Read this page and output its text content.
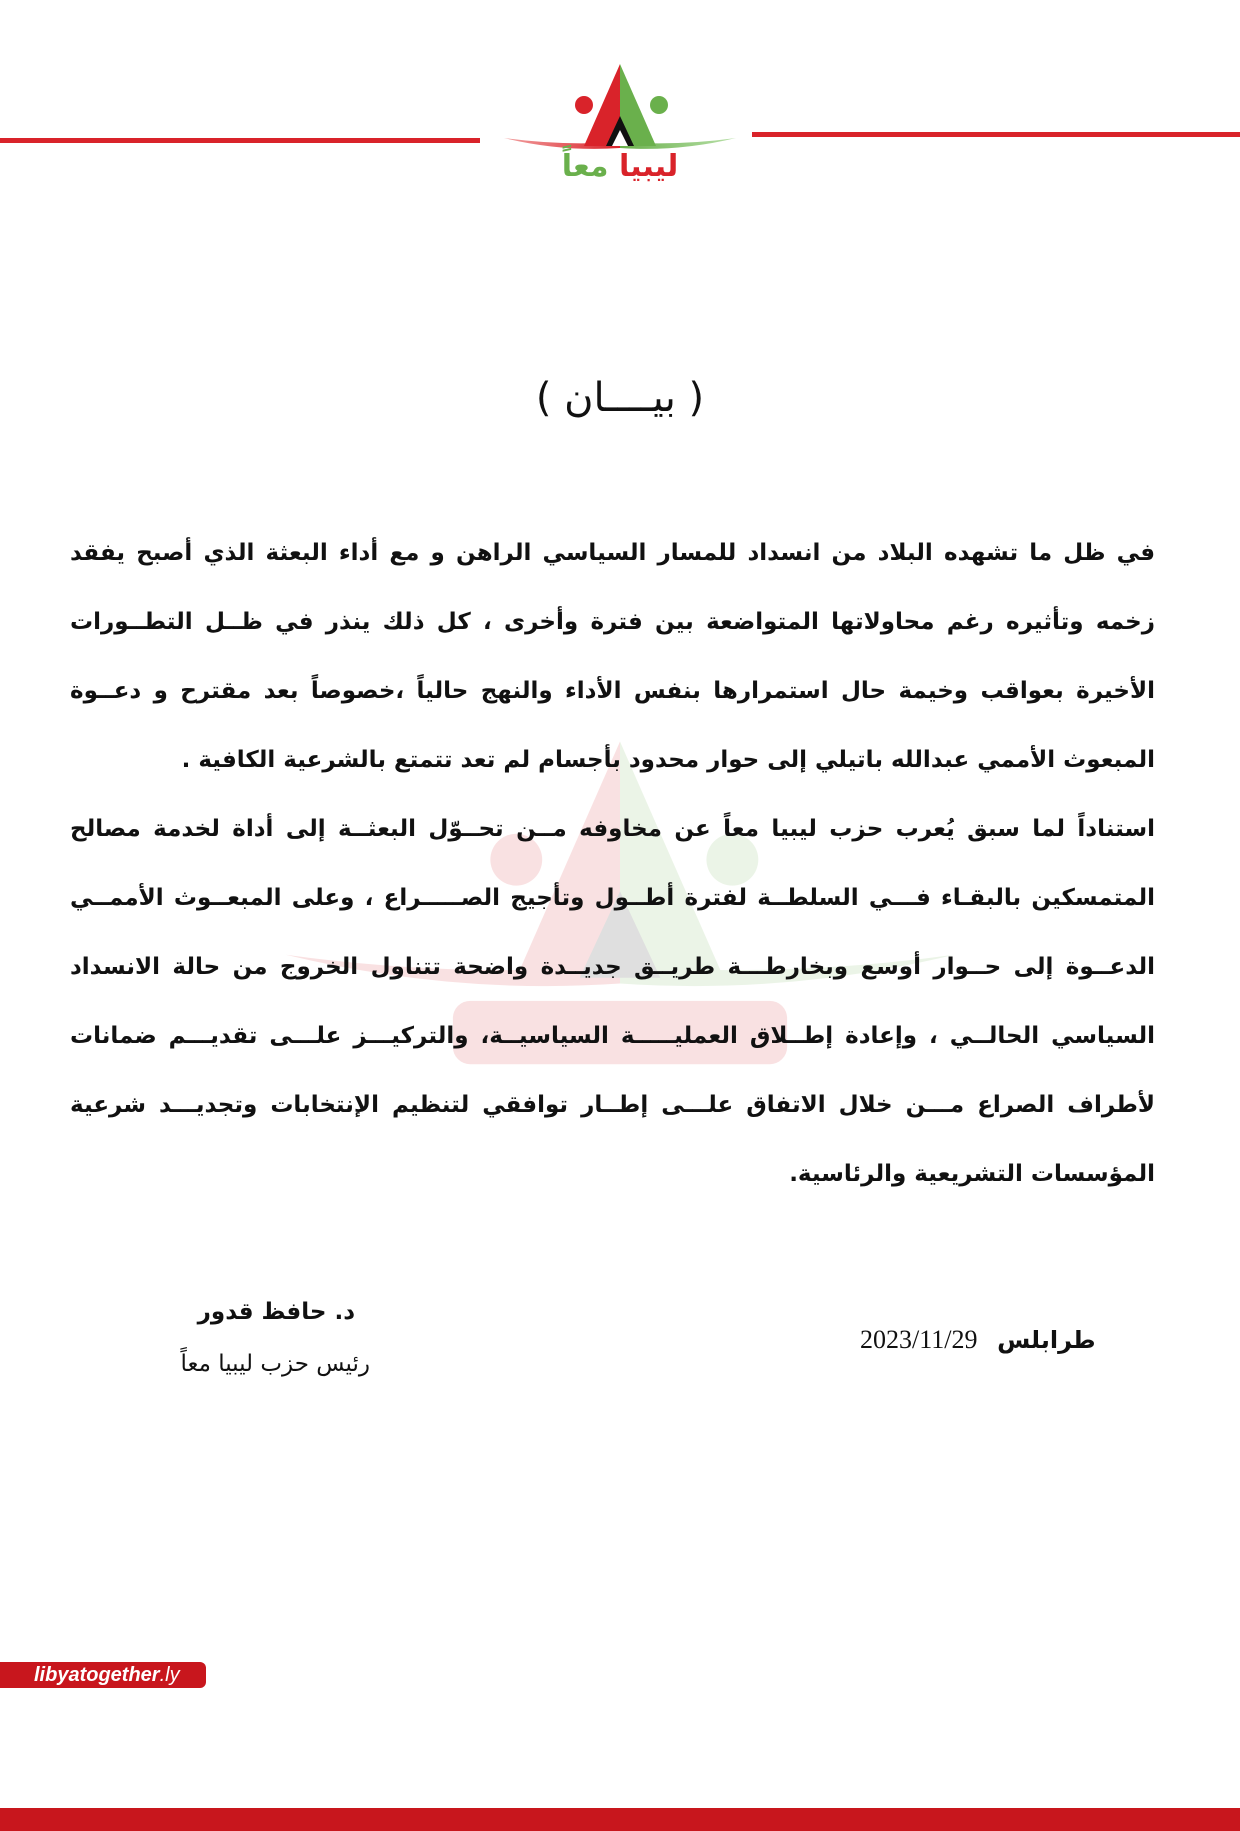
ليبيا معاً
( بيــــان )
في ظل ما تشهده البلاد من انسداد للمسار السياسي الراهن و مع أداء البعثة الذي أصبح يفقد
زخمه وتأثيره رغم محاولاتها المتواضعة بين فترة وأخرى ، كل ذلك ينذر في ظــل التطــورات
الأخيرة بعواقب وخيمة حال استمرارها بنفس الأداء والنهج حالياً ،خصوصاً بعد مقترح و دعــوة
المبعوث الأممي عبدالله باتيلي إلى حوار محدود بأجسام لم تعد تتمتع بالشرعية الكافية .
استناداً لما سبق يُعرب حزب ليبيا معاً عن مخاوفه مــن تحــوّل البعثــة إلى أداة لخدمة مصالح
المتمسكين بالبقـاء فـــي السلطــة لفترة أطــول وتأجيج الصـــــراع ، وعلى المبعــوث الأممــي
الدعــوة إلى حــوار أوسع وبخارطـــة طريــق جديــدة واضحة تتناول الخروج من حالة الانسداد
السياسي الحالــي ، وإعادة إطــلاق العمليـــــة السياسيــة، والتركيـــز علـــى تقديـــم ضمانات
لأطراف الصراع مـــن خلال الاتفاق علـــى إطــار توافقي لتنظيم الإنتخابات وتجديـــد شرعية
المؤسسات التشريعية والرئاسية.
د. حافظ قدور
رئيس حزب ليبيا معاً
طرابلس 2023/11/29
libyatogether.ly
